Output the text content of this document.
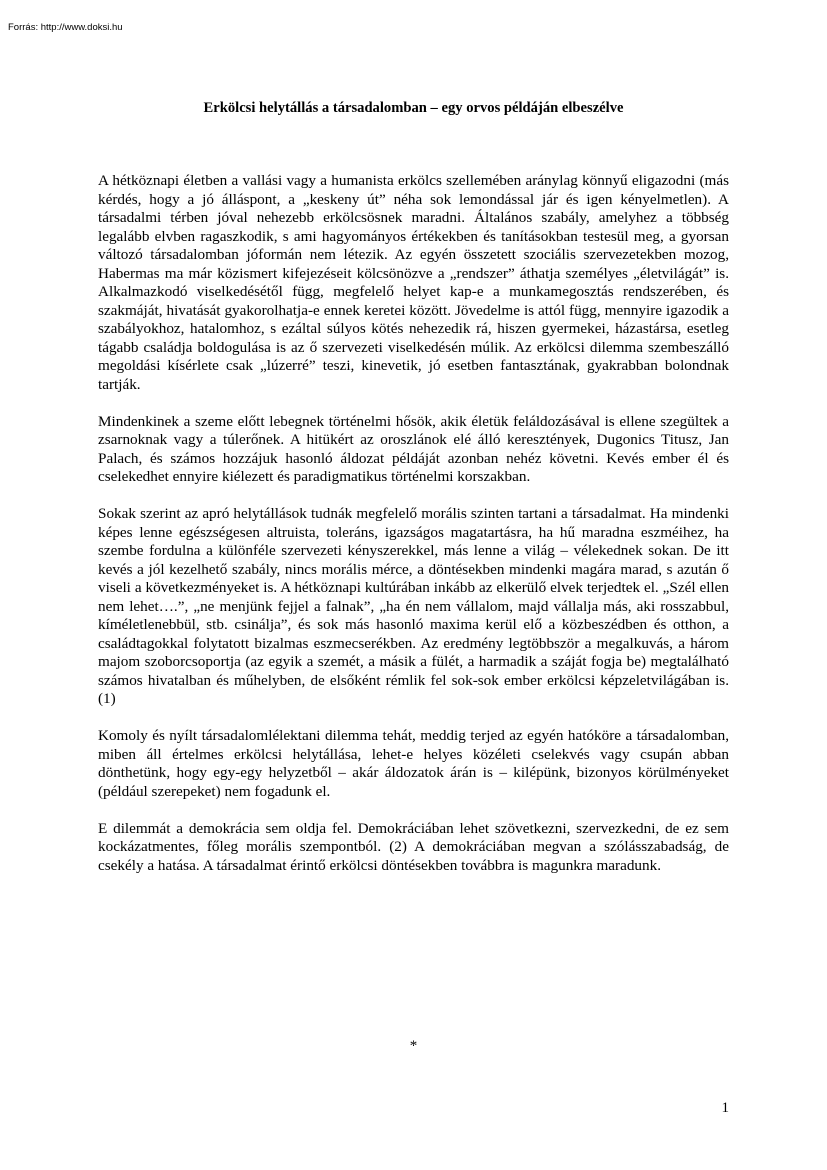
Forrás: http://www.doksi.hu

Erkölcsi helytállás a társadalomban – egy orvos példáján elbeszélve

A hétköznapi életben a vallási vagy a humanista erkölcs szellemében aránylag könnyű eligazodni (más kérdés, hogy a jó álláspont, a „keskeny út” néha sok lemondással jár és igen kényelmetlen). A társadalmi térben jóval nehezebb erkölcsösnek maradni. Általános szabály, amelyhez a többség legalább elvben ragaszkodik, s ami hagyományos értékekben és tanításokban testesül meg, a gyorsan változó társadalomban jóformán nem létezik. Az egyén összetett szociális szervezetekben mozog, Habermas ma már közismert kifejezéseit kölcsönözve a „rendszer” áthatja személyes „életvilágát” is. Alkalmazkodó viselkedésétől függ, megfelelő helyet kap-e a munkamegosztás rendszerében, és szakmáját, hivatását gyakorolhatja-e ennek keretei között. Jövedelme is attól függ, mennyire igazodik a szabályokhoz, hatalomhoz, s ezáltal súlyos kötés nehezedik rá, hiszen gyermekei, házastársa, esetleg tágabb családja boldogulása is az ő szervezeti viselkedésén múlik. Az erkölcsi dilemma szembeszálló megoldási kísérlete csak „lúzerré” teszi, kinevetik, jó esetben fantasztának, gyakrabban bolondnak tartják.

Mindenkinek a szeme előtt lebegnek történelmi hősök, akik életük feláldozásával is ellene szegültek a zsarnoknak vagy a túlerőnek. A hitükért az oroszlánok elé álló keresztények, Dugonics Titusz, Jan Palach, és számos hozzájuk hasonló áldozat példáját azonban nehéz követni. Kevés ember él és cselekedhet ennyire kiélezett és paradigmatikus történelmi korszakban.

Sokak szerint az apró helytállások tudnák megfelelő morális szinten tartani a társadalmat. Ha mindenki képes lenne egészségesen altruista, toleráns, igazságos magatartásra, ha hű maradna eszméihez, ha szembe fordulna a különféle szervezeti kényszerekkel, más lenne a világ – vélekednek sokan. De itt kevés a jól kezelhető szabály, nincs morális mérce, a döntésekben mindenki magára marad, s azután ő viseli a következményeket is. A hétköznapi kultúrában inkább az elkerülő elvek terjedtek el. „Szél ellen nem lehet….”, „ne menjünk fejjel a falnak”, „ha én nem vállalom, majd vállalja más, aki rosszabbul, kíméletlenebbül, stb. csinálja”, és sok más hasonló maxima kerül elő a közbeszédben és otthon, a családtagokkal folytatott bizalmas eszmecserékben. Az eredmény legtöbbször a megalkuvás, a három majom szoborcsoportja (az egyik a szemét, a másik a fülét, a harmadik a száját fogja be) megtalálható számos hivatalban és műhelyben, de elsőként rémlik fel sok-sok ember erkölcsi képzeletvilágában is. (1)

Komoly és nyílt társadalomlélektani dilemma tehát, meddig terjed az egyén hatóköre a társadalomban, miben áll értelmes erkölcsi helytállása, lehet-e helyes közéleti cselekvés vagy csupán abban dönthetünk, hogy egy-egy helyzetből – akár áldozatok árán is – kilépünk, bizonyos körülményeket (például szerepeket) nem fogadunk el.

E dilemmát a demokrácia sem oldja fel. Demokráciában lehet szövetkezni, szervezkedni, de ez sem kockázatmentes, főleg morális szempontból. (2) A demokráciában megvan a szólásszabadság, de csekély a hatása. A társadalmat érintő erkölcsi döntésekben továbbra is magunkra maradunk.

*

1
